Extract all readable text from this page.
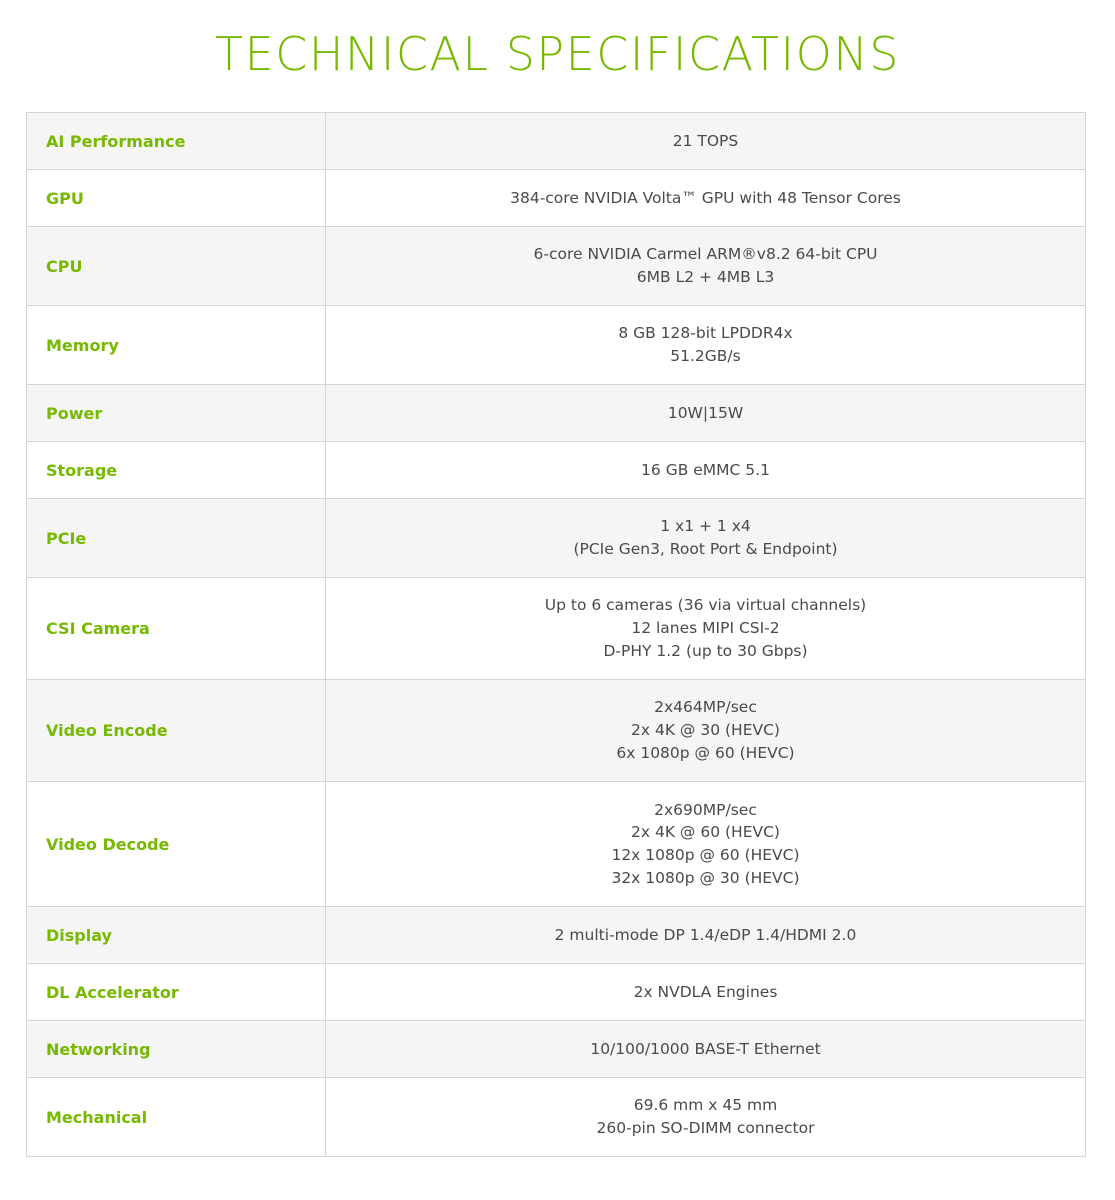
TECHNICAL SPECIFICATIONS
AI Performance	21 TOPS

GPU	384-core NVIDIA Volta™ GPU with 48 Tensor Cores

CPU	6-core NVIDIA Carmel ARM®v8.2 64-bit CPU
6MB L2 + 4MB L3

Memory	8 GB 128-bit LPDDR4x
51.2GB/s

Power	10W|15W

Storage	16 GB eMMC 5.1

PCIe	1 x1 + 1 x4
(PCIe Gen3, Root Port & Endpoint)

CSI Camera	Up to 6 cameras (36 via virtual channels)
12 lanes MIPI CSI-2
D-PHY 1.2 (up to 30 Gbps)

Video Encode	2x464MP/sec
2x 4K @ 30 (HEVC)
6x 1080p @ 60 (HEVC)

Video Decode	2x690MP/sec
2x 4K @ 60 (HEVC)
12x 1080p @ 60 (HEVC)
32x 1080p @ 30 (HEVC)

Display	2 multi-mode DP 1.4/eDP 1.4/HDMI 2.0

DL Accelerator	2x NVDLA Engines

Networking	10/100/1000 BASE-T Ethernet

Mechanical	69.6 mm x 45 mm
260-pin SO-DIMM connector
